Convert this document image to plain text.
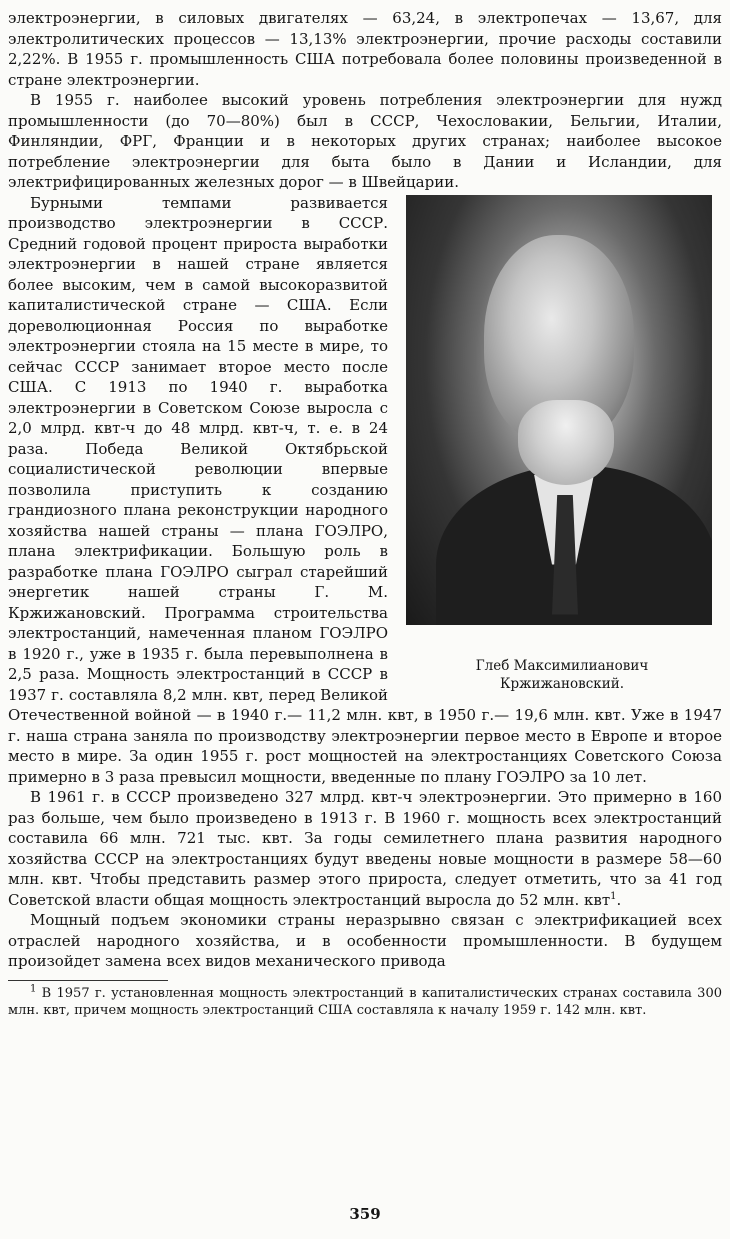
электроэнергии, в силовых двигателях — 63,24, в электропечах — 13,67, для электролитических процессов — 13,13% электроэнергии, прочие расходы составили 2,22%. В 1955 г. промышленность США потребовала более половины произведенной в стране электроэнергии.

В 1955 г. наиболее высокий уровень потребления электроэнергии для нужд промышленности (до 70—80%) был в СССР, Чехословакии, Бельгии, Италии, Финляндии, ФРГ, Франции и в некоторых других странах; наиболее высокое потребление электроэнергии для быта было в Дании и Исландии, для электрифицированных железных дорог — в Швейцарии.

Глеб Максимилианович
Кржижановский.

Бурными темпами развивается производство электроэнергии в СССР. Средний годовой процент прироста выработки электроэнергии в нашей стране является более высоким, чем в самой высокоразвитой капиталистической стране — США. Если дореволюционная Россия по выработке электроэнергии стояла на 15 месте в мире, то сейчас СССР занимает второе место после США. С 1913 по 1940 г. выработка электроэнергии в Советском Союзе выросла с 2,0 млрд. квт-ч до 48 млрд. квт-ч, т. е. в 24 раза. Победа Великой Октябрьской социалистической революции впервые позволила приступить к созданию грандиозного плана реконструкции народного хозяйства нашей страны — плана ГОЭЛРО, плана электрификации. Большую роль в разработке плана ГОЭЛРО сыграл старейший энергетик нашей страны Г. М. Кржижановский. Программа строительства электростанций, намеченная планом ГОЭЛРО в 1920 г., уже в 1935 г. была перевыполнена в 2,5 раза. Мощность электростанций в СССР в 1937 г. составляла 8,2 млн. квт, перед Великой Отечественной войной — в 1940 г.— 11,2 млн. квт, в 1950 г.— 19,6 млн. квт. Уже в 1947 г. наша страна заняла по производству электроэнергии первое место в Европе и второе место в мире. За один 1955 г. рост мощностей на электростанциях Советского Союза примерно в 3 раза превысил мощности, введенные по плану ГОЭЛРО за 10 лет.

В 1961 г. в СССР произведено 327 млрд. квт-ч электроэнергии. Это примерно в 160 раз больше, чем было произведено в 1913 г. В 1960 г. мощность всех электростанций составила 66 млн. 721 тыс. квт. За годы семилетнего плана развития народного хозяйства СССР на электростанциях будут введены новые мощности в размере 58—60 млн. квт. Чтобы представить размер этого прироста, следует отметить, что за 41 год Советской власти общая мощность электростанций выросла до 52 млн. квт$^1$.

Мощный подъем экономики страны неразрывно связан с электрификацией всех отраслей народного хозяйства, и в особенности промышленности. В будущем произойдет замена всех видов механического привода

$^1$ В 1957 г. установленная мощность электростанций в капиталистических странах составила 300 млн. квт, причем мощность электростанций США составляла к началу 1959 г. 142 млн. квт.

359
